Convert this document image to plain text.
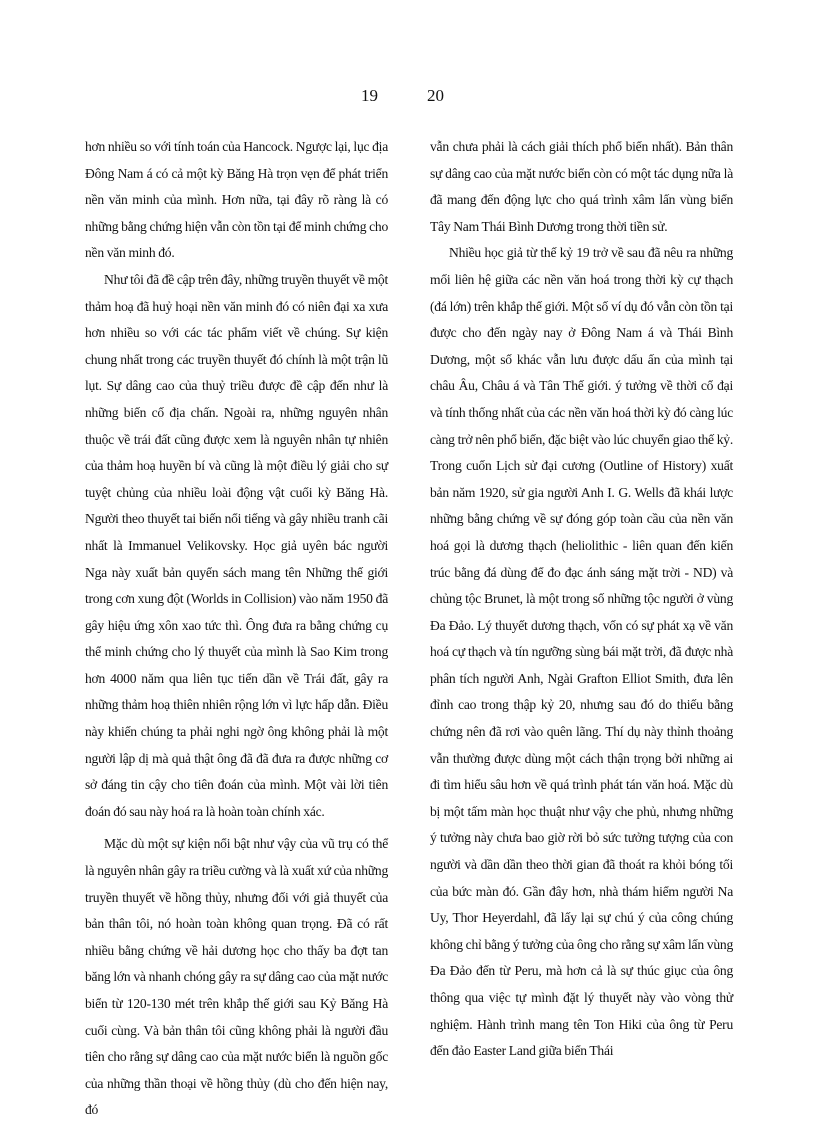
19	20

hơn nhiều so với tính toán của Hancock. Ngược lại, lục địa Đông Nam á có cả một kỳ Băng Hà trọn vẹn để phát triển nền văn minh của mình. Hơn nữa, tại đây rõ ràng là có những bằng chứng hiện vẫn còn tồn tại để minh chứng cho nền văn minh đó.

Như tôi đã đề cập trên đây, những truyền thuyết về một thảm hoạ đã huỷ hoại nền văn minh đó có niên đại xa xưa hơn nhiều so với các tác phẩm viết về chúng. Sự kiện chung nhất trong các truyền thuyết đó chính là một trận lũ lụt. Sự dâng cao của thuỷ triều được đề cập đến như là những biến cố địa chấn. Ngoài ra, những nguyên nhân thuộc về trái đất cũng được xem là nguyên nhân tự nhiên của thảm hoạ huyền bí và cũng là một điều lý giải cho sự tuyệt chủng của nhiều loài động vật cuối kỳ Băng Hà. Người theo thuyết tai biến nổi tiếng và gây nhiều tranh cãi nhất là Immanuel Velikovsky. Học giả uyên bác người Nga này xuất bản quyển sách mang tên Những thế giới trong cơn xung đột (Worlds in Collision) vào năm 1950 đã gây hiệu ứng xôn xao tức thì. Ông đưa ra bằng chứng cụ thể minh chứng cho lý thuyết của mình là Sao Kim trong hơn 4000 năm qua liên tục tiến dần về Trái đất, gây ra những thảm hoạ thiên nhiên rộng lớn vì lực hấp dẫn. Điều này khiến chúng ta phải nghi ngờ ông không phải là một người lập dị mà quả thật ông đã đã đưa ra được những cơ sở đáng tin cậy cho tiên đoán của mình. Một vài lời tiên đoán đó sau này hoá ra là hoàn toàn chính xác.

Mặc dù một sự kiện nổi bật như vậy của vũ trụ có thể là nguyên nhân gây ra triều cường và là xuất xứ của những truyền thuyết về hồng thủy, nhưng đối với giả thuyết của bản thân tôi, nó hoàn toàn không quan trọng. Đã có rất nhiều bằng chứng về hải dương học cho thấy ba đợt tan băng lớn và nhanh chóng gây ra sự dâng cao của mặt nước biển từ 120-130 mét trên khắp thế giới sau Kỷ Băng Hà cuối cùng. Và bản thân tôi cũng không phải là người đầu tiên cho rằng sự dâng cao của mặt nước biển là nguồn gốc của những thần thoại về hồng thủy (dù cho đến hiện nay, đó

vẫn chưa phải là cách giải thích phổ biến nhất). Bản thân sự dâng cao của mặt nước biển còn có một tác dụng nữa là đã mang đến động lực cho quá trình xâm lấn vùng biển Tây Nam Thái Bình Dương trong thời tiền sử.

Nhiều học giả từ thế kỷ 19 trở về sau đã nêu ra những mối liên hệ giữa các nền văn hoá trong thời kỳ cự thạch (đá lớn) trên khắp thế giới. Một số ví dụ đó vẫn còn tồn tại được cho đến ngày nay ở Đông Nam á và Thái Bình Dương, một số khác vẫn lưu được dấu ấn của mình tại châu Âu, Châu á và Tân Thế giới. ý tưởng về thời cổ đại và tính thống nhất của các nền văn hoá thời kỳ đó càng lúc càng trở nên phổ biến, đặc biệt vào lúc chuyển giao thế kỷ. Trong cuốn Lịch sử đại cương (Outline of History) xuất bản năm 1920, sử gia người Anh I. G. Wells đã khái lược những bằng chứng về sự đóng góp toàn cầu của nền văn hoá gọi là dương thạch (heliolithic - liên quan đến kiến trúc bằng đá dùng để đo đạc ánh sáng mặt trời - ND) và chủng tộc Brunet, là một trong số những tộc người ở vùng Đa Đảo. Lý thuyết dương thạch, vốn có sự phát xạ về văn hoá cự thạch và tín ngưỡng sùng bái mặt trời, đã được nhà phân tích người Anh, Ngài Grafton Elliot Smith, đưa lên đỉnh cao trong thập kỷ 20, nhưng sau đó do thiếu bằng chứng nên đã rơi vào quên lãng. Thí dụ này thỉnh thoảng vẫn thường được dùng một cách thận trọng bởi những ai đi tìm hiểu sâu hơn về quá trình phát tán văn hoá. Mặc dù bị một tấm màn học thuật như vậy che phủ, nhưng những ý tưởng này chưa bao giờ rời bỏ sức tưởng tượng của con người và dần dần theo thời gian đã thoát ra khỏi bóng tối của bức màn đó. Gần đây hơn, nhà thám hiểm người Na Uy, Thor Heyerdahl, đã lấy lại sự chú ý của công chúng không chỉ bằng ý tưởng của ông cho rằng sự xâm lấn vùng Đa Đảo đến từ Peru, mà hơn cả là sự thúc giục của ông thông qua việc tự mình đặt lý thuyết này vào vòng thử nghiệm. Hành trình mang tên Ton Hiki của ông từ Peru đến đảo Easter Land giữa biển Thái
